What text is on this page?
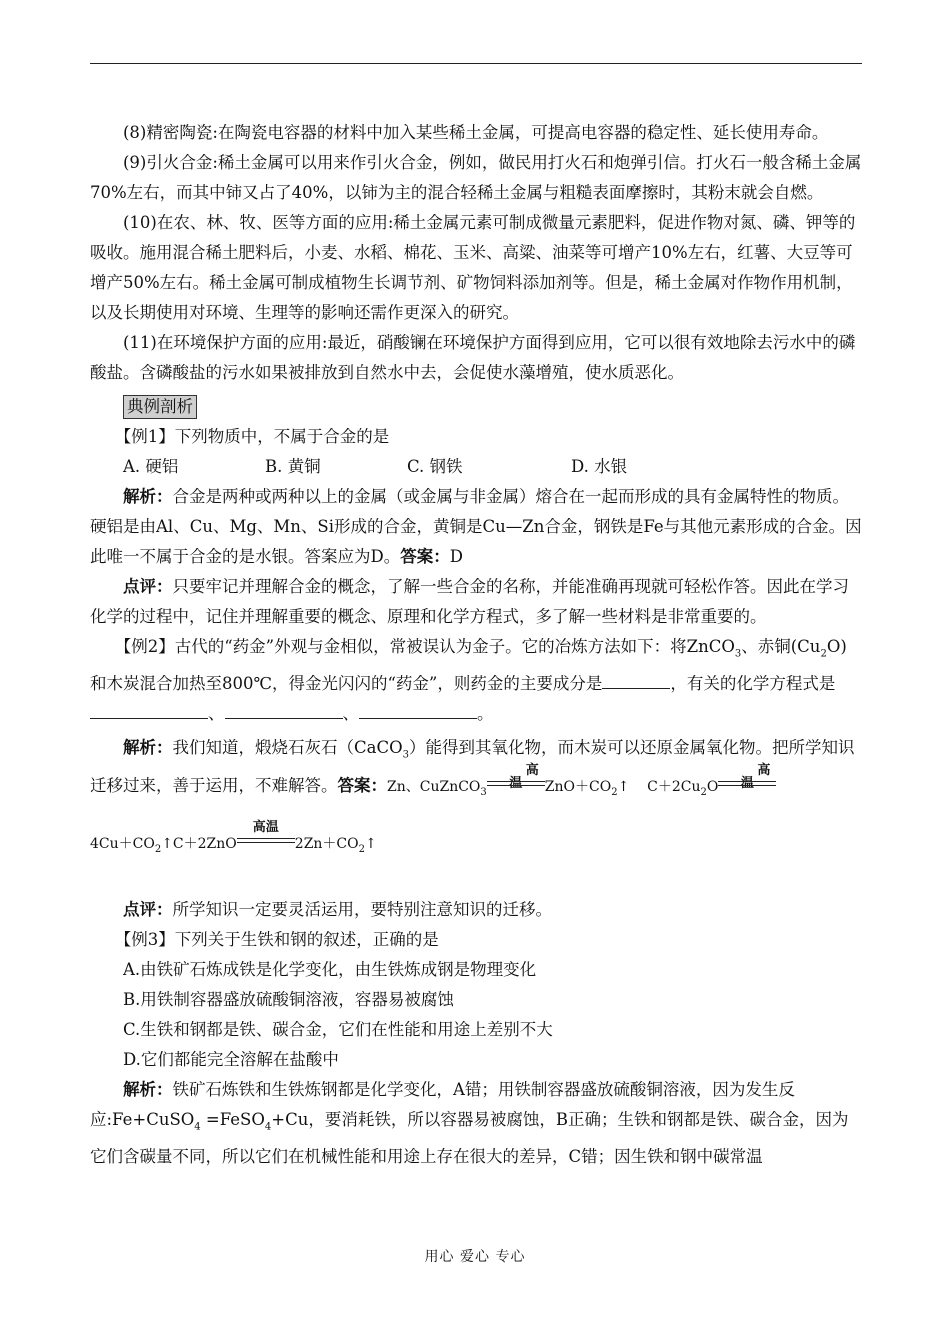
(8)精密陶瓷:在陶瓷电容器的材料中加入某些稀土金属，可提高电容器的稳定性、延长使用寿命。

(9)引火合金:稀土金属可以用来作引火合金，例如，做民用打火石和炮弹引信。打火石一般含稀土金属70%左右，而其中铈又占了40%，以铈为主的混合轻稀土金属与粗糙表面摩擦时，其粉末就会自燃。

(10)在农、林、牧、医等方面的应用:稀土金属元素可制成微量元素肥料，促进作物对氮、磷、钾等的吸收。施用混合稀土肥料后，小麦、水稻、棉花、玉米、高粱、油菜等可增产10%左右，红薯、大豆等可增产50%左右。稀土金属可制成植物生长调节剂、矿物饲料添加剂等。但是，稀土金属对作物作用机制，以及长期使用对环境、生理等的影响还需作更深入的研究。

(11)在环境保护方面的应用:最近，硝酸镧在环境保护方面得到应用，它可以很有效地除去污水中的磷酸盐。含磷酸盐的污水如果被排放到自然水中去，会促使水藻增殖，使水质恶化。

典例剖析

【例1】下列物质中，不属于合金的是

A. 硬铝	B. 黄铜	C. 钢铁	D. 水银

解析：合金是两种或两种以上的金属（或金属与非金属）熔合在一起而形成的具有金属特性的物质。硬铝是由Al、Cu、Mg、Mn、Si形成的合金，黄铜是Cu—Zn合金，钢铁是Fe与其他元素形成的合金。因此唯一不属于合金的是水银。答案应为D。答案：D

点评：只要牢记并理解合金的概念，了解一些合金的名称，并能准确再现就可轻松作答。因此在学习化学的过程中，记住并理解重要的概念、原理和化学方程式，多了解一些材料是非常重要的。

【例2】古代的“药金”外观与金相似，常被误认为金子。它的冶炼方法如下：将ZnCO$_3$、赤铜$(Cu_2O)$和木炭混合加热至800℃，得金光闪闪的“药金”，则药金的主要成分是	，有关的化学方程式是、	、	。

解析：我们知道，煅烧石灰石（CaCO$_3$）能得到其氧化物，而木炭可以还原金属氧化物。把所学知识迁移过来，善于运用，不难解答。答案：Zn、CuZnCO$_3$
高温	$ZnO+CO_2↑$ $C+2Cu_2O$
高温

$4Cu+CO_2↑C+2ZnO$
高温
$2Zn+CO_2↑$

点评：所学知识一定要灵活运用，要特别注意知识的迁移。

【例3】下列关于生铁和钢的叙述，正确的是

A.由铁矿石炼成铁是化学变化，由生铁炼成钢是物理变化

B.用铁制容器盛放硫酸铜溶液，容器易被腐蚀

C.生铁和钢都是铁、碳合金，它们在性能和用途上差别不大

D.它们都能完全溶解在盐酸中

解析：铁矿石炼铁和生铁炼钢都是化学变化，A错；用铁制容器盛放硫酸铜溶液，因为发生反应:Fe+CuSO$_4$ =FeSO$_4$+Cu，要消耗铁，所以容器易被腐蚀，B正确；生铁和钢都是铁、碳合金，因为它们含碳量不同，所以它们在机械性能和用途上存在很大的差异，C错；因生铁和钢中碳常温

用心 爱心 专心
